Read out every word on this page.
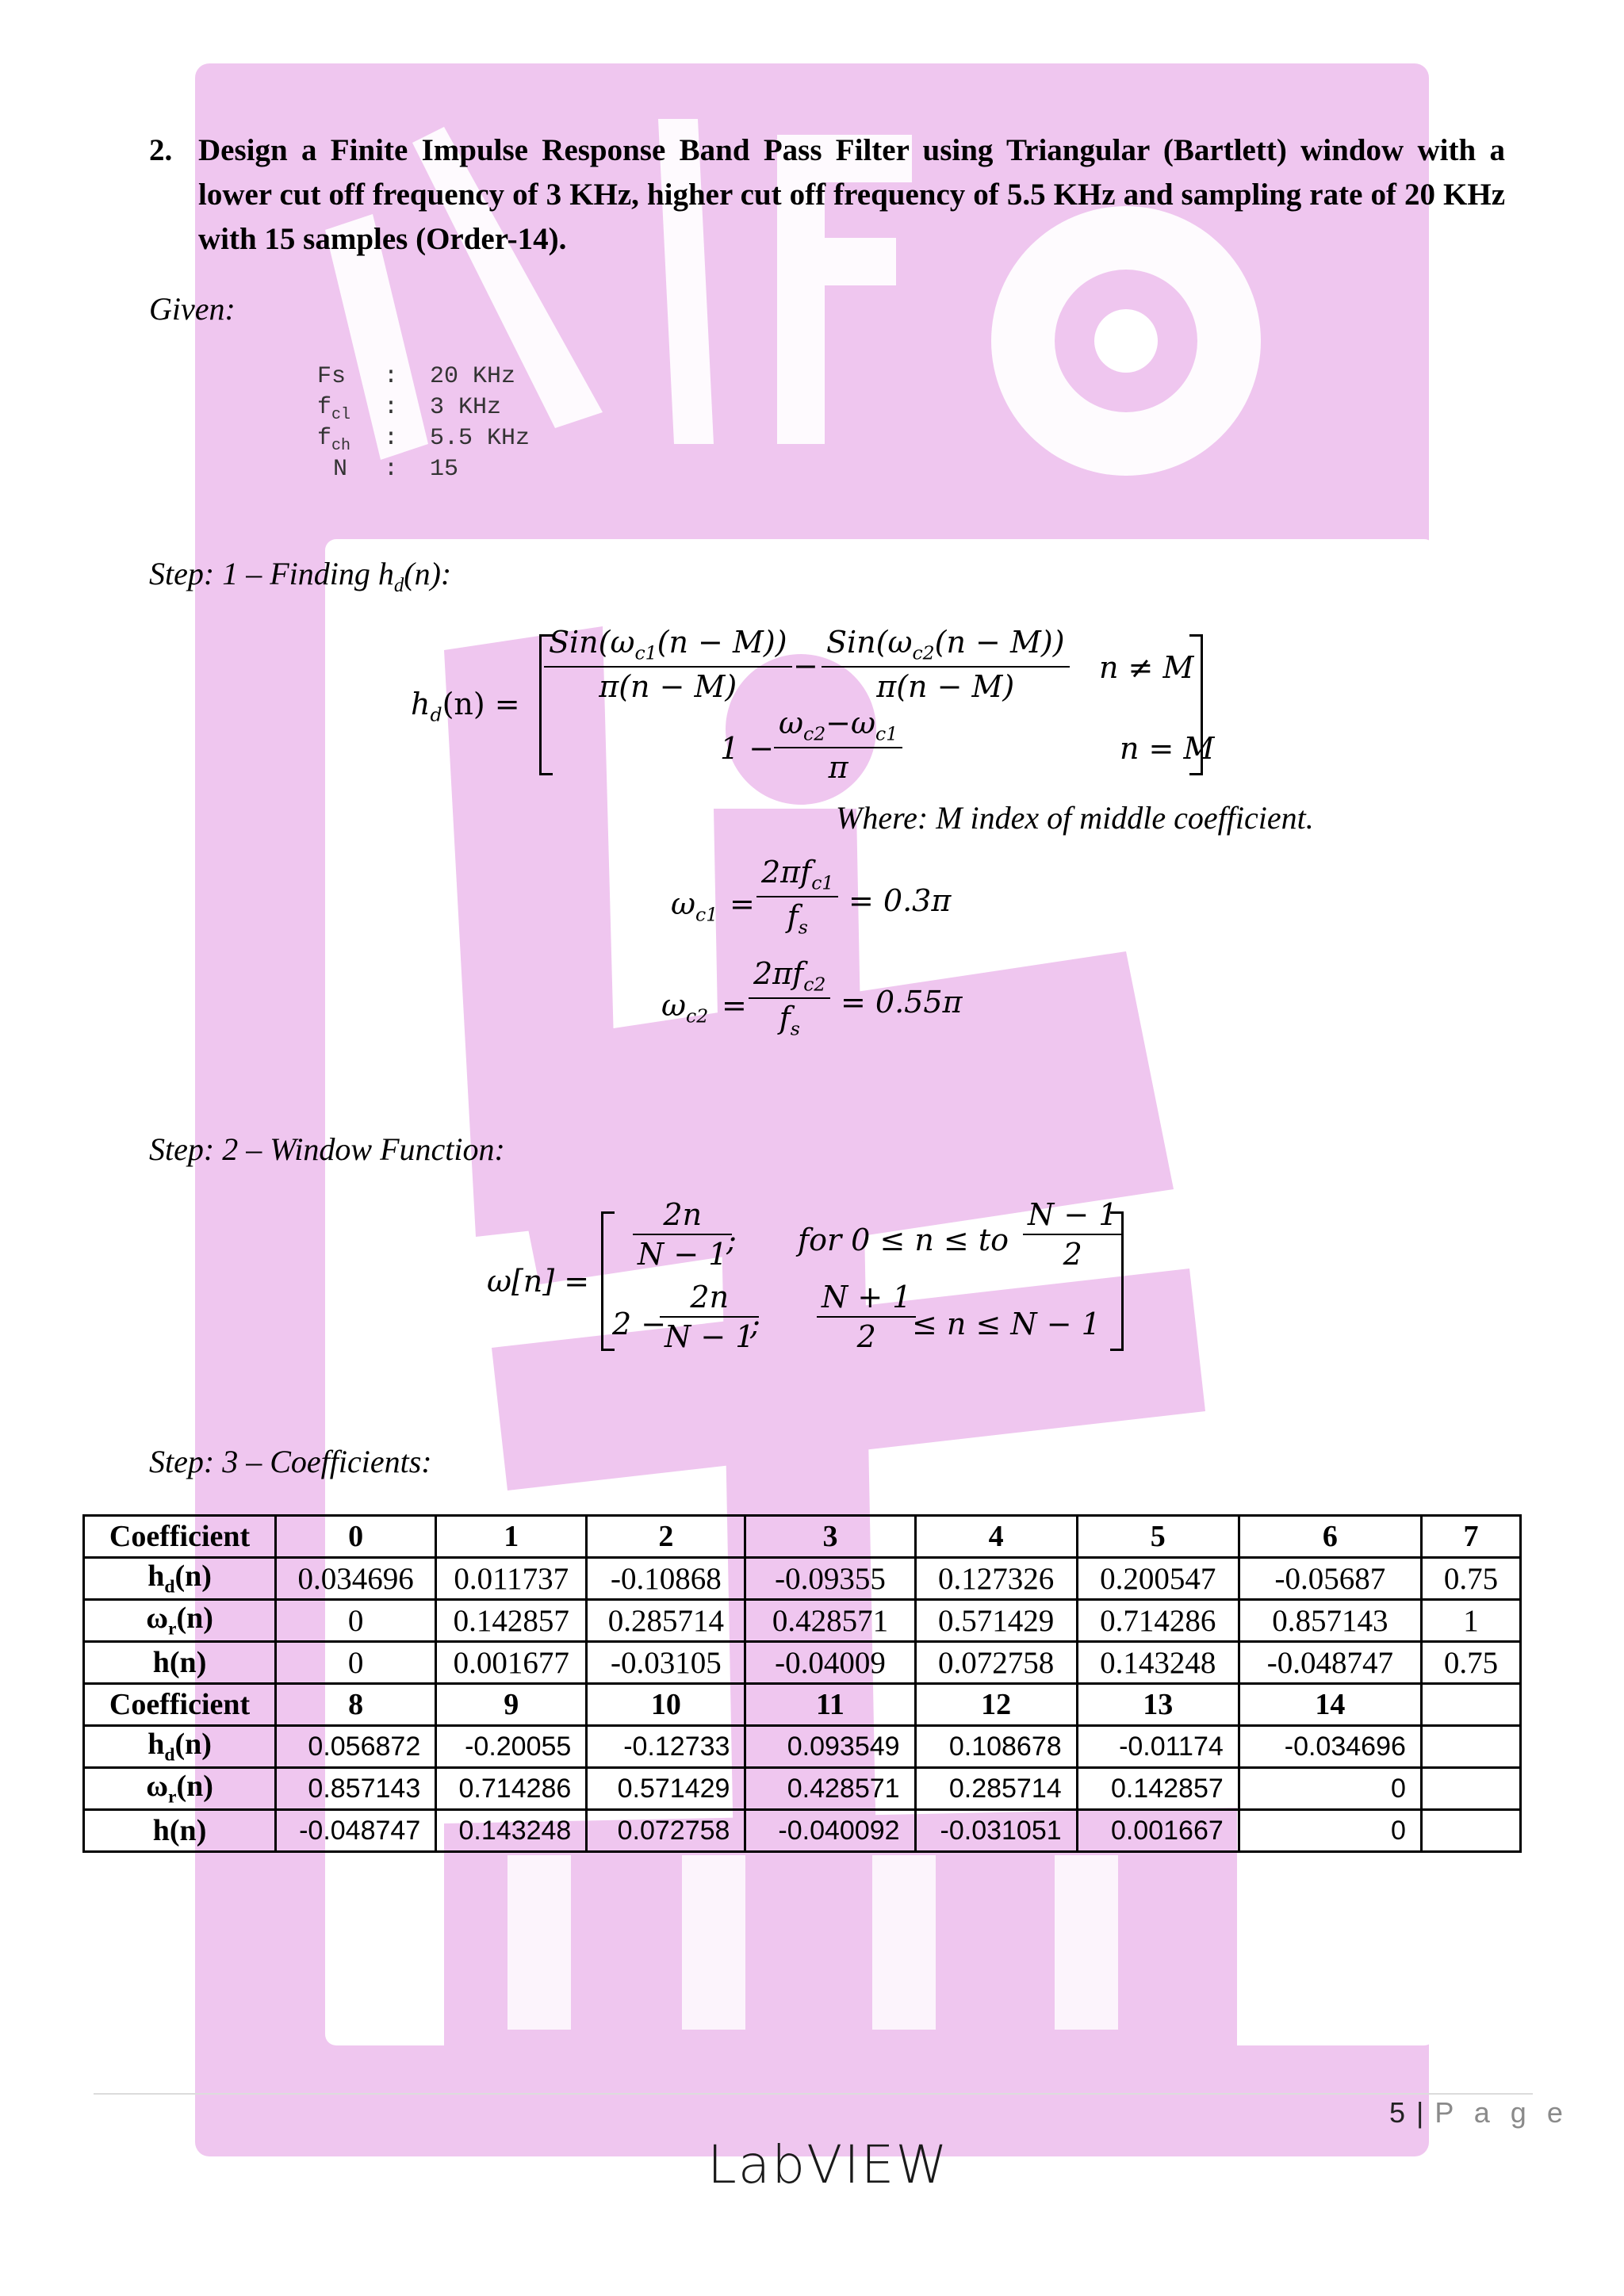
2. Design a Finite Impulse Response Band Pass Filter using Triangular (Bartlett) window with a lower cut off frequency of 3 KHz, higher cut off frequency of 5.5 KHz and sampling rate of 20 KHz with 15 samples (Order-14).
Given:
Fs	: 20 KHz
$f_{cl}$	: 3 KHz
$f_{ch}$	: 5.5 KHz
N	: 15
Step: 1 – Finding $h_d(n)$:
$h_d(n)$ =
$\frac{Sin(\omega_{c1}(n - M))}{\pi(n - M)} - \frac{Sin(\omega_{c2}(n - M))}{\pi(n - M)}$ n ≠ M
$1 - \frac{\omega_{c2}-\omega_{c1}}{\pi}$	n = M
Where: M index of middle coefficient.
$\omega_{c1} = \frac{2\pi f_{c1}}{f_s} = 0.3\pi$
$\omega_{c2} = \frac{2\pi f_{c2}}{f_s} = 0.55\pi$
Step: 2 – Window Function:
ω[n] =
$\frac{2n}{N - 1}$
; for 0 ≤ n ≤ to $\frac{N - 1}{2}$
2 −
$\frac{2n}{N - 1}$
; $\frac{N + 1}{2}$
≤ n ≤ N − 1
Step: 3 – Coefficients:
Coefficient	0	1	2	3	4	5	6	7
$h_d(n)$	0.034696	0.011737	-0.10868	-0.09355	0.127326	0.200547	-0.05687	0.75
$\omega_r(n)$	0	0.142857	0.285714	0.428571	0.571429	0.714286	0.857143	1
h(n)	0	0.001677	-0.03105	-0.04009	0.072758	0.143248	-0.048747	0.75
Coefficient	8	9	10	11	12	13	14	
$h_d(n)$	0.056872	-0.20055	-0.12733	0.093549	0.108678	-0.01174	-0.034696	
$\omega_r(n)$	0.857143	0.714286	0.571429	0.428571	0.285714	0.142857	0	
h(n)	-0.048747	0.143248	0.072758	-0.040092	-0.031051	0.001667	0	
5 | P a g e
LabVIEW
